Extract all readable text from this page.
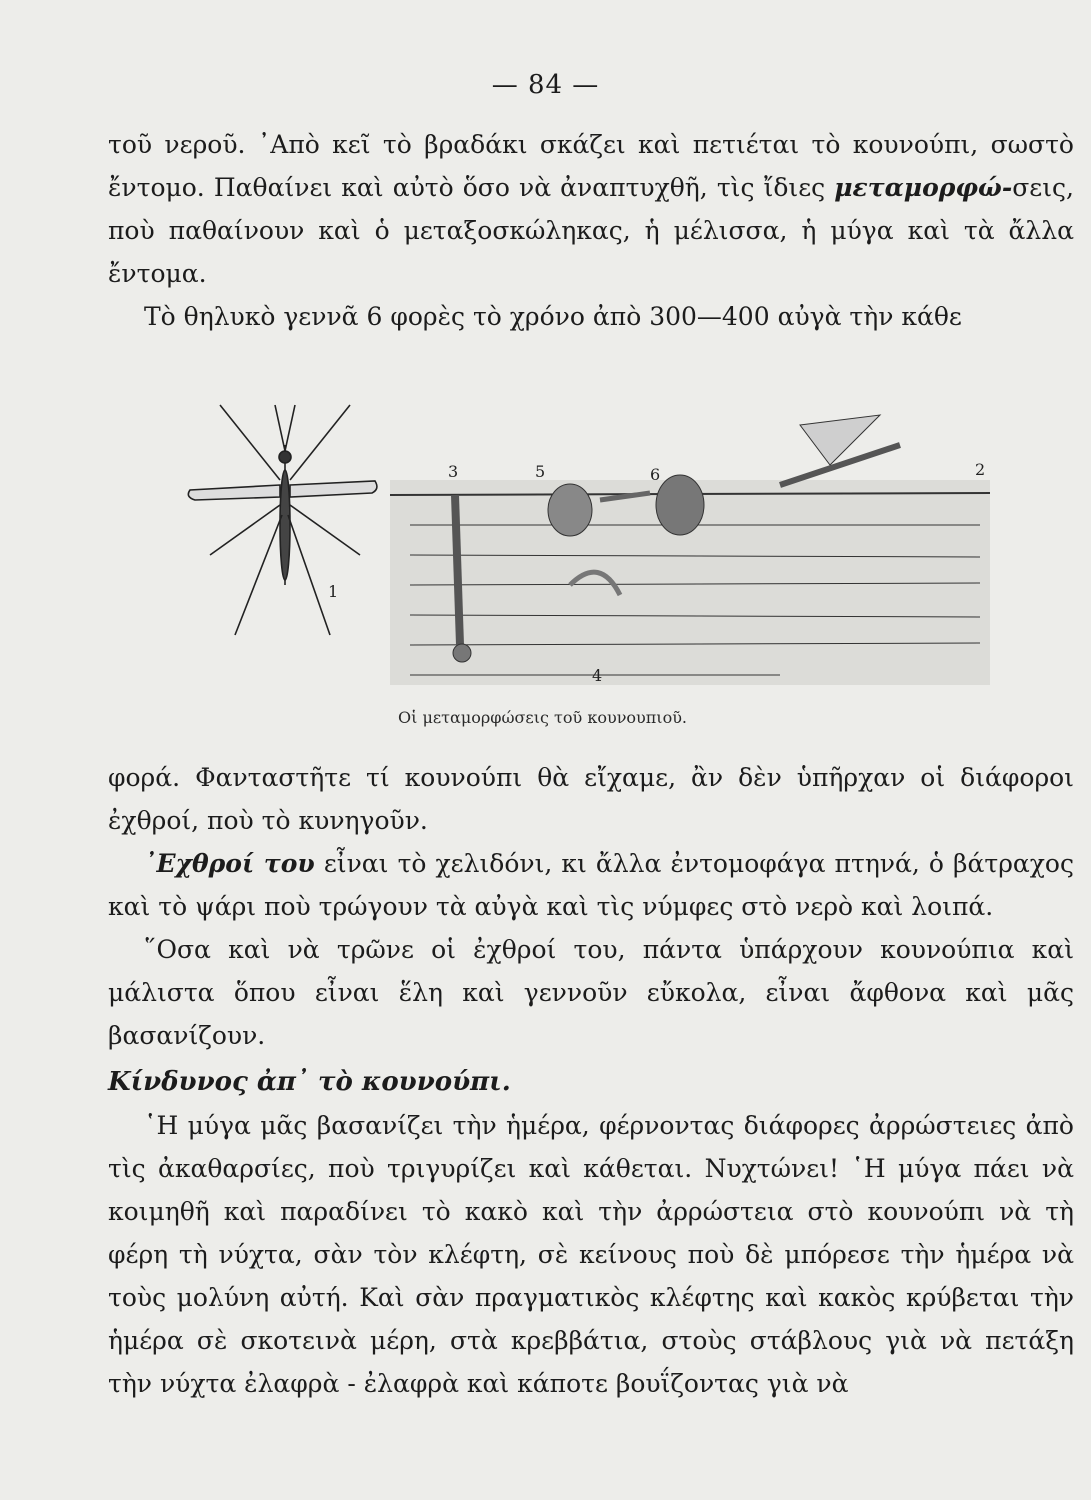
— 84 —

τοῦ νεροῦ. ᾿Απὸ κεῖ τὸ βραδάκι σκάζει καὶ πετιέται τὸ κουνούπι, σωστὸ ἔντομο. Παθαίνει καὶ αὐτὸ ὅσο νὰ ἀναπτυχθῆ, τὶς ἴδιες μεταμορφώ-σεις, ποὺ παθαίνουν καὶ ὁ μεταξοσκώληκας, ἡ μέλισσα, ἡ μύγα καὶ τὰ ἄλλα ἔντομα.

Τὸ θηλυκὸ γεννᾶ 6 φορὲς τὸ χρόνο ἀπὸ 300—400 αὐγὰ τὴν κάθε

1
3	5	6	2
4
Οἱ μεταμορφώσεις τοῦ κουνουπιοῦ.

φορά. Φανταστῆτε τί κουνούπι θὰ εἴχαμε, ἂν δὲν ὑπῆρχαν οἱ διάφοροι ἐχθροί, ποὺ τὸ κυνηγοῦν.

᾿Εχθροί του εἶναι τὸ χελιδόνι, κι ἄλλα ἐντομοφάγα πτηνά, ὁ βάτραχος καὶ τὸ ψάρι ποὺ τρώγουν τὰ αὐγὰ καὶ τὶς νύμφες στὸ νερὸ καὶ λοιπά.

῞Οσα καὶ νὰ τρῶνε οἱ ἐχθροί του, πάντα ὑπάρχουν κουνούπια καὶ μάλιστα ὅπου εἶναι ἕλη καὶ γεννοῦν εὔκολα, εἶναι ἄφθονα καὶ μᾶς βασανίζουν.

Κίνδυνος ἀπ᾿ τὸ κουνούπι.

῾Η μύγα μᾶς βασανίζει τὴν ἡμέρα, φέρνοντας διάφορες ἀρρώστειες ἀπὸ τὶς ἀκαθαρσίες, ποὺ τριγυρίζει καὶ κάθεται. Νυχτώνει! ῾Η μύγα πάει νὰ κοιμηθῆ καὶ παραδίνει τὸ κακὸ καὶ τὴν ἀρρώστεια στὸ κουνούπι νὰ τὴ φέρη τὴ νύχτα, σὰν τὸν κλέφτη, σὲ κείνους ποὺ δὲ μπόρεσε τὴν ἡμέρα νὰ τοὺς μολύνη αὐτή. Καὶ σὰν πραγματικὸς κλέφτης καὶ κακὸς κρύβεται τὴν ἡμέρα σὲ σκοτεινὰ μέρη, στὰ κρεββάτια, στοὺς στάβλους γιὰ νὰ πετάξη τὴν νύχτα ἐλαφρὰ - ἐλαφρὰ καὶ κάποτε βουΐζοντας γιὰ νὰ
